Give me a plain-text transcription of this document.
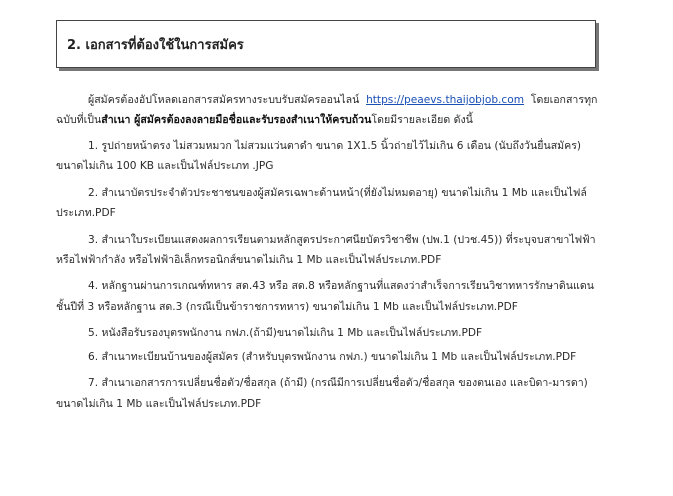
2. เอกสารที่ต้องใช้ในการสมัคร
ผู้สมัครต้องอัปโหลดเอกสารสมัครทางระบบรับสมัครออนไลน์ https://peaevs.thaijobjob.com โดยเอกสารทุก
ฉบับที่เป็นสำเนา ผู้สมัครต้องลงลายมือชื่อและรับรองสำเนาให้ครบถ้วนโดยมีรายละเอียด ดังนี้
1. รูปถ่ายหน้าตรง ไม่สวมหมวก ไม่สวมแว่นตาดำ ขนาด 1X1.5 นิ้วถ่ายไว้ไม่เกิน 6 เดือน (นับถึงวันยื่นสมัคร)
ขนาดไม่เกิน 100 KB และเป็นไฟล์ประเภท .JPG
2. สำเนาบัตรประจำตัวประชาชนของผู้สมัครเฉพาะด้านหน้า(ที่ยังไม่หมดอายุ) ขนาดไม่เกิน 1 Mb และเป็นไฟล์
ประเภท.PDF
3. สำเนาใบระเบียนแสดงผลการเรียนตามหลักสูตรประกาศนียบัตรวิชาชีพ (ปพ.1 (ปวช.45)) ที่ระบุจบสาขาไฟฟ้า
หรือไฟฟ้ากำลัง หรือไฟฟ้าอิเล็กทรอนิกส์ขนาดไม่เกิน 1 Mb และเป็นไฟล์ประเภท.PDF
4. หลักฐานผ่านการเกณฑ์ทหาร สด.43 หรือ สด.8 หรือหลักฐานที่แสดงว่าสำเร็จการเรียนวิชาทหารรักษาดินแดน
ชั้นปีที่ 3 หรือหลักฐาน สด.3 (กรณีเป็นข้าราชการทหาร) ขนาดไม่เกิน 1 Mb และเป็นไฟล์ประเภท.PDF
5. หนังสือรับรองบุตรพนักงาน กฟภ.(ถ้ามี)ขนาดไม่เกิน 1 Mb และเป็นไฟล์ประเภท.PDF
6. สำเนาทะเบียนบ้านของผู้สมัคร (สำหรับบุตรพนักงาน กฟภ.) ขนาดไม่เกิน 1 Mb และเป็นไฟล์ประเภท.PDF
7. สำเนาเอกสารการเปลี่ยนชื่อตัว/ชื่อสกุล (ถ้ามี) (กรณีมีการเปลี่ยนชื่อตัว/ชื่อสกุล ของตนเอง และบิดา-มารดา)
ขนาดไม่เกิน 1 Mb และเป็นไฟล์ประเภท.PDF
